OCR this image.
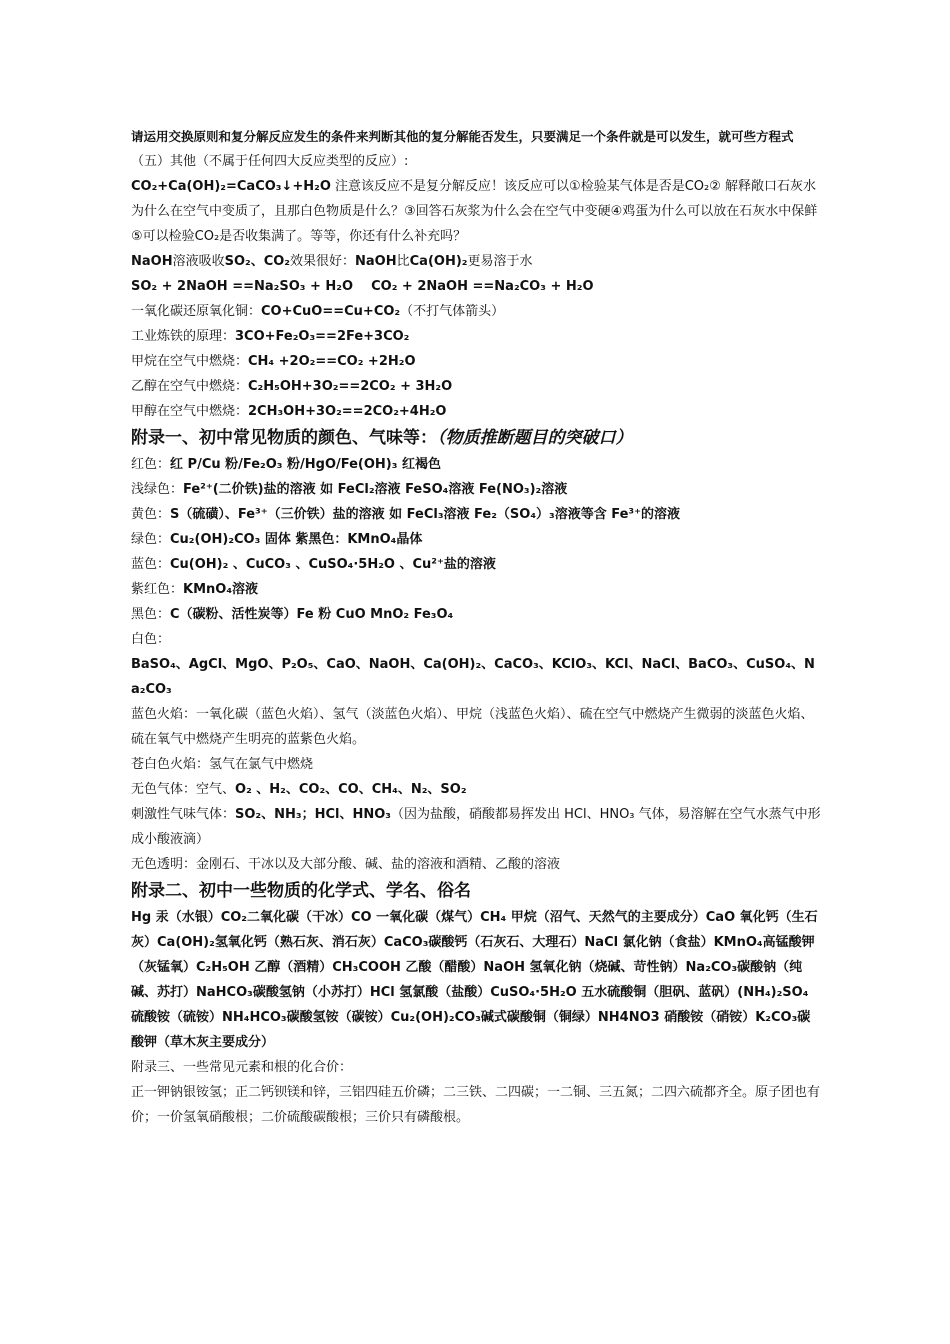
请运用交换原则和复分解反应发生的条件来判断其他的复分解能否发生，只要满足一个条件就是可以发生，就可些方程式
（五）其他（不属于任何四大反应类型的反应）:
CO₂+Ca(OH)₂=CaCO₃↓+H₂O 注意该反应不是复分解反应！该反应可以①检验某气体是否是CO₂② 解释敞口石灰水为什么在空气中变质了，且那白色物质是什么？③回答石灰浆为什么会在空气中变硬④鸡蛋为什么可以放在石灰水中保鲜⑤可以检验CO₂是否收集满了。等等，你还有什么补充吗？
NaOH溶液吸收SO₂、CO₂效果很好：NaOH比Ca(OH)₂更易溶于水
SO₂ + 2NaOH ==Na₂SO₃ + H₂O CO₂ + 2NaOH ==Na₂CO₃ + H₂O
一氧化碳还原氧化铜：CO+CuO==Cu+CO₂（不打气体箭头）
工业炼铁的原理：3CO+Fe₂O₃==2Fe+3CO₂
甲烷在空气中燃烧：CH₄ +2O₂==CO₂ +2H₂O
乙醇在空气中燃烧：C₂H₅OH+3O₂==2CO₂ + 3H₂O
甲醇在空气中燃烧：2CH₃OH+3O₂==2CO₂+4H₂O
附录一、初中常见物质的颜色、气味等：（物质推断题目的突破口）
红色：红 P/Cu 粉/Fe₂O₃ 粉/HgO/Fe(OH)₃ 红褐色
浅绿色：Fe²⁺(二价铁)盐的溶液 如 FeCl₂溶液 FeSO₄溶液 Fe(NO₃)₂溶液
黄色：S（硫磺）、Fe³⁺（三价铁）盐的溶液 如 FeCl₃溶液 Fe₂（SO₄）₃溶液等含 Fe³⁺的溶液
绿色：Cu₂(OH)₂CO₃ 固体 紫黑色：KMnO₄晶体
蓝色：Cu(OH)₂ 、CuCO₃ 、CuSO₄·5H₂O 、Cu²⁺盐的溶液
紫红色：KMnO₄溶液
黑色：C（碳粉、活性炭等）Fe 粉 CuO MnO₂ Fe₃O₄
白色：
BaSO₄、AgCl、MgO、P₂O₅、CaO、NaOH、Ca(OH)₂、CaCO₃、KClO₃、KCl、NaCl、BaCO₃、CuSO₄、Na₂CO₃
蓝色火焰：一氧化碳（蓝色火焰）、氢气（淡蓝色火焰）、甲烷（浅蓝色火焰）、硫在空气中燃烧产生微弱的淡蓝色火焰、硫在氧气中燃烧产生明亮的蓝紫色火焰。
苍白色火焰：氢气在氯气中燃烧
无色气体：空气、O₂ 、H₂、CO₂、CO、CH₄、N₂、SO₂
刺激性气味气体：SO₂、NH₃；HCl、HNO₃（因为盐酸，硝酸都易挥发出 HCl、HNO₃ 气体，易溶解在空气水蒸气中形成小酸液滴）
无色透明：金刚石、干冰以及大部分酸、碱、盐的溶液和酒精、乙酸的溶液
附录二、初中一些物质的化学式、学名、俗名
Hg 汞（水银）CO₂二氧化碳（干冰）CO 一氧化碳（煤气）CH₄ 甲烷（沼气、天然气的主要成分）CaO 氧化钙（生石灰）Ca(OH)₂氢氧化钙（熟石灰、消石灰）CaCO₃碳酸钙（石灰石、大理石）NaCl 氯化钠（食盐）KMnO₄高锰酸钾（灰锰氧）C₂H₅OH 乙醇（酒精）CH₃COOH 乙酸（醋酸）NaOH 氢氧化钠（烧碱、苛性钠）Na₂CO₃碳酸钠（纯碱、苏打）NaHCO₃碳酸氢钠（小苏打）HCl 氢氯酸（盐酸）CuSO₄·5H₂O 五水硫酸铜（胆矾、蓝矾）(NH₄)₂SO₄硫酸铵（硫铵）NH₄HCO₃碳酸氢铵（碳铵）Cu₂(OH)₂CO₃碱式碳酸铜（铜绿）NH4NO3 硝酸铵（硝铵）K₂CO₃碳酸钾（草木灰主要成分）
附录三、一些常见元素和根的化合价：
正一钾钠银铵氢；正二钙钡镁和锌，三铝四硅五价磷；二三铁、二四碳；一二铜、三五氮；二四六硫都齐全。原子团也有价；一价氢氧硝酸根；二价硫酸碳酸根；三价只有磷酸根。
